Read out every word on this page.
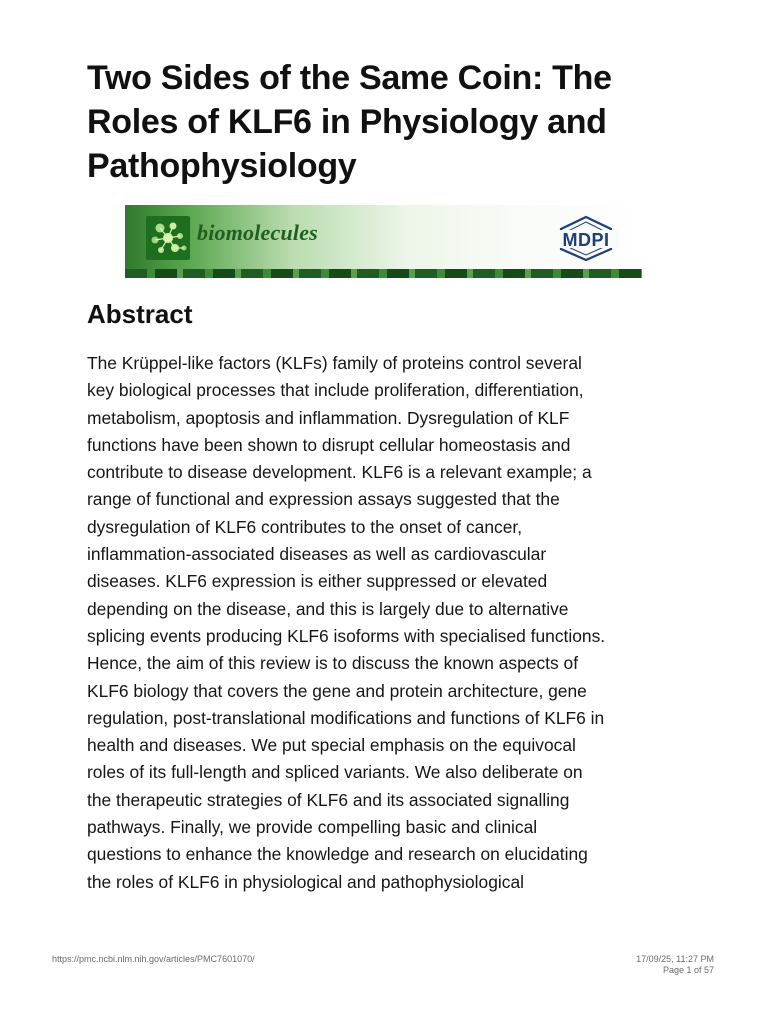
Two Sides of the Same Coin: The Roles of KLF6 in Physiology and Pathophysiology
biomolecules	MDPI
Abstract
The Krüppel-like factors (KLFs) family of proteins control several
key biological processes that include proliferation, differentiation,
metabolism, apoptosis and inflammation. Dysregulation of KLF
functions have been shown to disrupt cellular homeostasis and
contribute to disease development. KLF6 is a relevant example; a
range of functional and expression assays suggested that the
dysregulation of KLF6 contributes to the onset of cancer,
inflammation-associated diseases as well as cardiovascular
diseases. KLF6 expression is either suppressed or elevated
depending on the disease, and this is largely due to alternative
splicing events producing KLF6 isoforms with specialised functions.
Hence, the aim of this review is to discuss the known aspects of
KLF6 biology that covers the gene and protein architecture, gene
regulation, post-translational modifications and functions of KLF6 in
health and diseases. We put special emphasis on the equivocal
roles of its full-length and spliced variants. We also deliberate on
the therapeutic strategies of KLF6 and its associated signalling
pathways. Finally, we provide compelling basic and clinical
questions to enhance the knowledge and research on elucidating
the roles of KLF6 in physiological and pathophysiological
https://pmc.ncbi.nlm.nih.gov/articles/PMC7601070/	17/09/25, 11:27 PM
Page 1 of 57
